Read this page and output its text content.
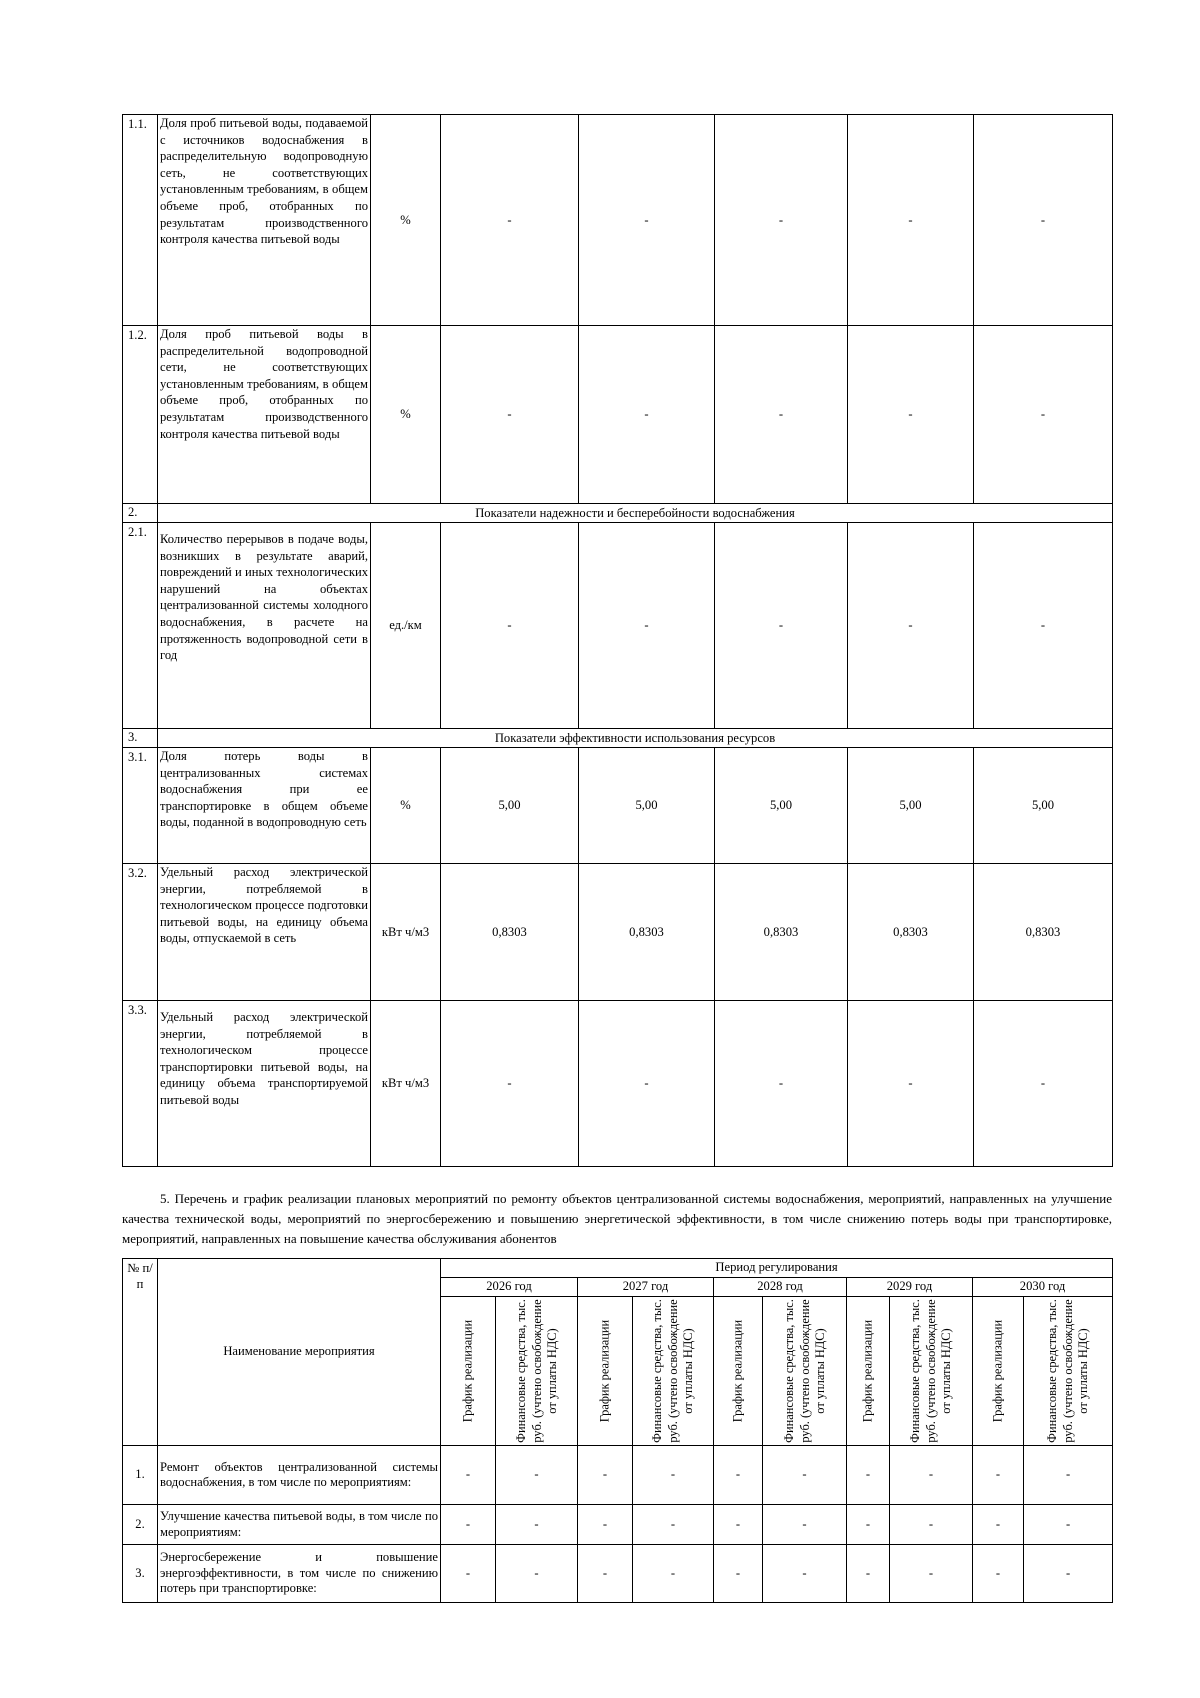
1.1.	Доля проб питьевой воды, подаваемой с источников водоснабжения в распределительную водопроводную сеть, не соответствующих установленным требованиям, в общем объеме проб, отобранных по результатам производственного контроля качества питьевой воды	%	-	-	-	-	-
1.2.	Доля проб питьевой воды в распределительной водопроводной сети, не соответствующих установленным требованиям, в общем объеме проб, отобранных по результатам производственного контроля качества питьевой воды	%	-	-	-	-	-
2.	Показатели надежности и бесперебойности водоснабжения						
2.1.	Количество перерывов в подаче воды, возникших в результате аварий, повреждений и иных технологических нарушений на объектах централизованной системы холодного водоснабжения, в расчете на протяженность водопроводной сети в год	ед./км	-	-	-	-	-
3.	Показатели эффективности использования ресурсов						
3.1.	Доля потерь воды в централизованных системах водоснабжения при ее транспортировке в общем объеме воды, поданной в водопроводную сеть	%	5,00	5,00	5,00	5,00	5,00
3.2.	Удельный расход электрической энергии, потребляемой в технологическом процессе подготовки питьевой воды, на единицу объема воды, отпускаемой в сеть	кВт ч/м3	0,8303	0,8303	0,8303	0,8303	0,8303
3.3.	Удельный расход электрической энергии, потребляемой в технологическом процессе транспортировки питьевой воды, на единицу объема транспортируемой питьевой воды	кВт ч/м3	-	-	-	-	-
5. Перечень и график реализации плановых мероприятий по ремонту объектов централизованной системы водоснабжения, мероприятий, направленных на улучшение качества технической воды, мероприятий по энергосбережению и повышению энергетической эффективности, в том числе снижению потерь воды при транспортировке, мероприятий, направленных на повышение качества обслуживания абонентов
№ п/п	Наименование мероприятия	Период регулирования									
		2026 год		2027 год		2028 год		2029 год		2030 год	

		График реализации	Финансовые средства, тыс. руб. (учтено освобождение от уплаты НДС)	График реализации	Финансовые средства, тыс. руб. (учтено освобождение от уплаты НДС)	График реализации	Финансовые средства, тыс. руб. (учтено освобождение от уплаты НДС)	График реализации	Финансовые средства, тыс. руб. (учтено освобождение от уплаты НДС)	График реализации	Финансовые средства, тыс. руб. (учтено освобождение от уплаты НДС)

1.	Ремонт объектов централизованной системы водоснабжения, в том числе по мероприятиям:	-	-	-	-	-	-	-	-	-	-
2.	Улучшение качества питьевой воды, в том числе по мероприятиям:	-	-	-	-	-	-	-	-	-	-
3.	Энергосбережение и повышение энергоэффективности, в том числе по снижению потерь при транспортировке:	-	-	-	-	-	-	-	-	-	-
